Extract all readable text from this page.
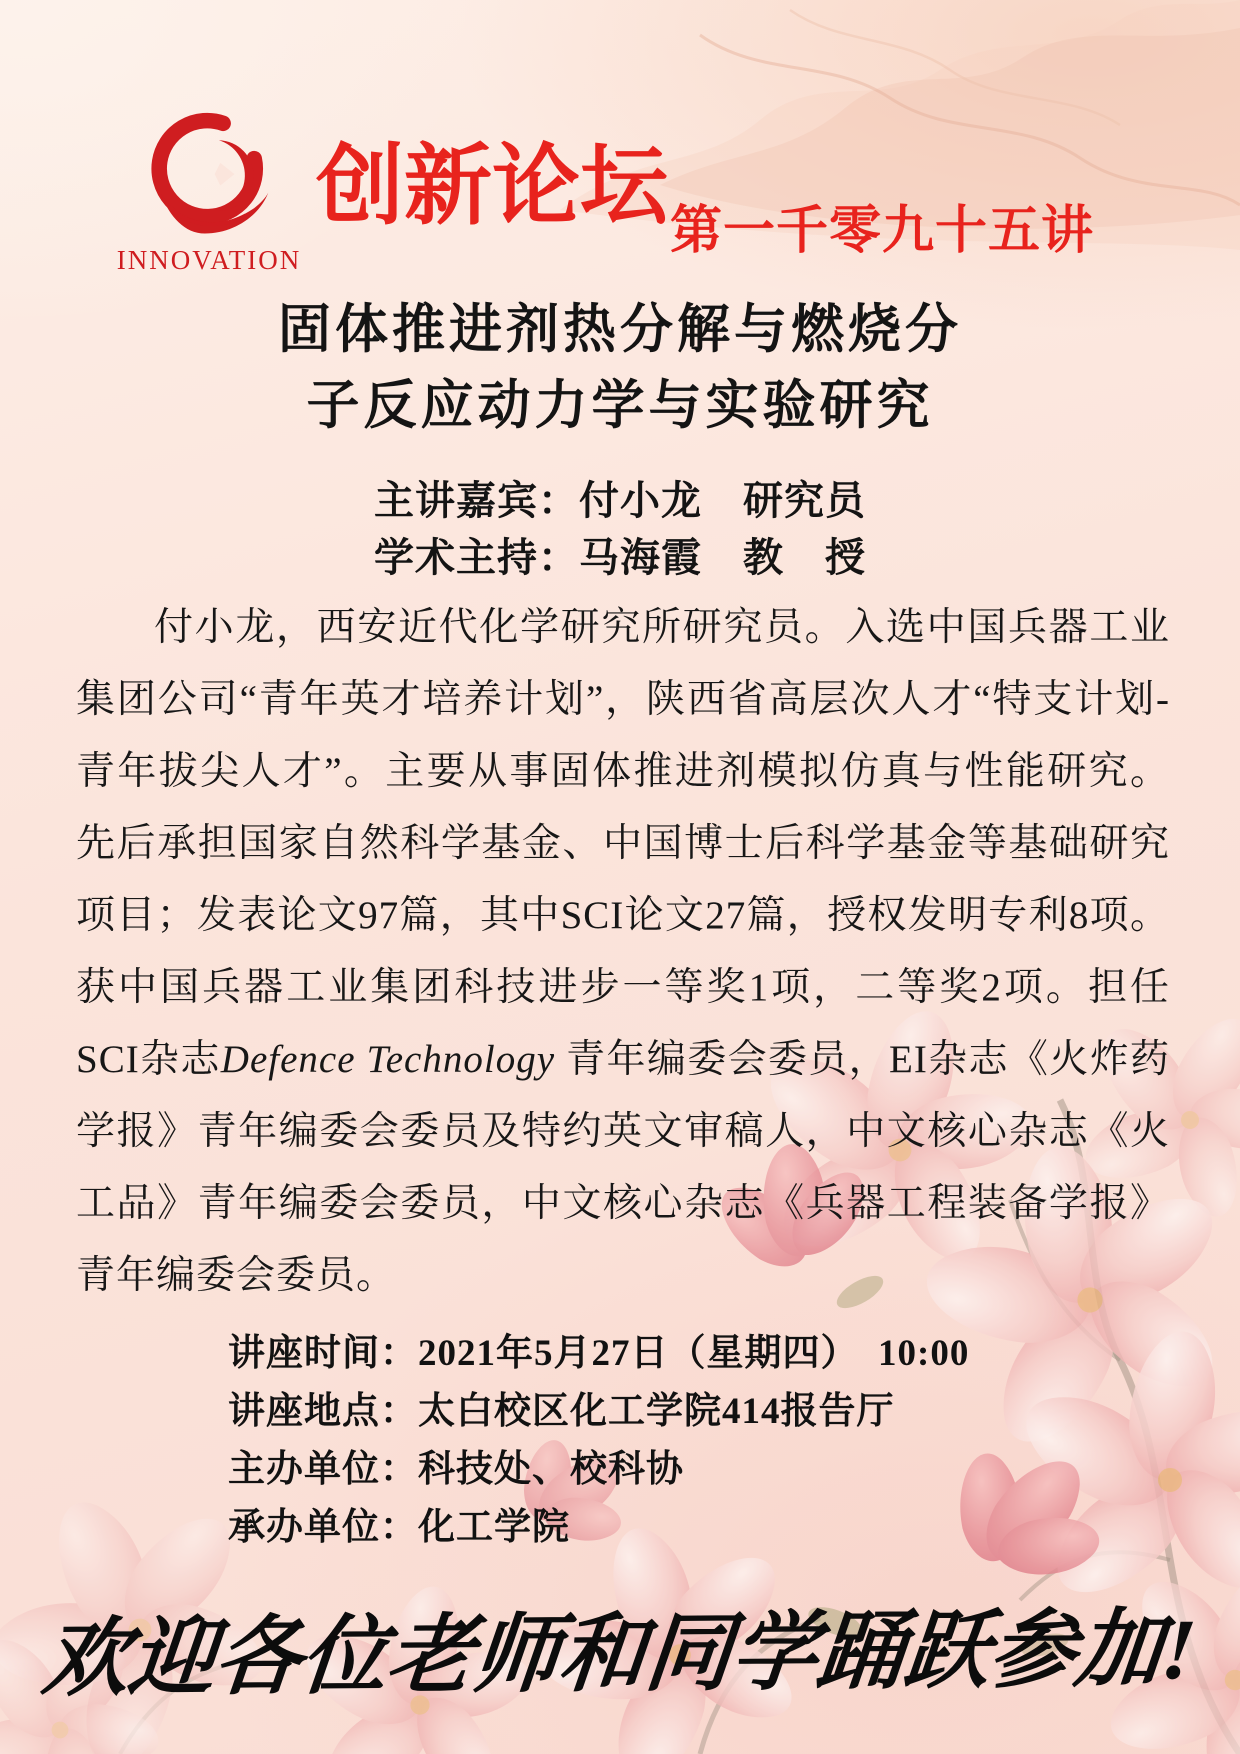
INNOVATION
创新论坛 第一千零九十五讲
固体推进剂热分解与燃烧分
子反应动力学与实验研究
主讲嘉宾：付小龙　研究员
学术主持：马海霞　教　授

付小龙，西安近代化学研究所研究员。入选中国兵器工业集团公司“青年英才培养计划”，陕西省高层次人才“特支计划-青年拔尖人才”。主要从事固体推进剂模拟仿真与性能研究。先后承担国家自然科学基金、中国博士后科学基金等基础研究项目；发表论文97篇，其中SCI论文27篇，授权发明专利8项。获中国兵器工业集团科技进步一等奖1项，二等奖2项。担任SCI杂志Defence Technology 青年编委会委员，EI杂志《火炸药学报》青年编委会委员及特约英文审稿人，中文核心杂志《火工品》青年编委会委员，中文核心杂志《兵器工程装备学报》青年编委会委员。

讲座时间： 2021年5月27日（星期四）　10:00
讲座地点： 太白校区化工学院414报告厅
主办单位： 科技处、校科协
承办单位： 化工学院
欢迎各位老师和同学踊跃参加!
